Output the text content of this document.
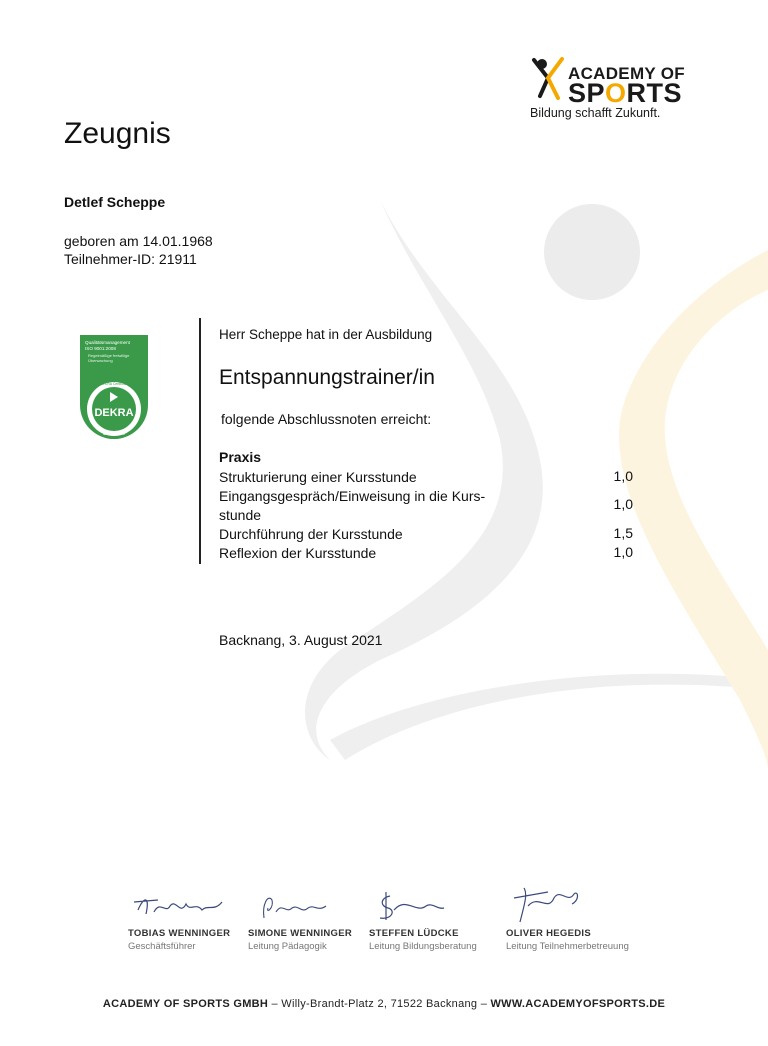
ACADEMY OF
SPORTS
Bildung schafft Zukunft.
Zeugnis
Detlef Scheppe
geboren am 14.01.1968
Teilnehmer-ID: 21911
Qualitätsmanagement
ISO 9001:2008
Regelmäßige freiwillige
Überwachung
DEKRA Certification
DEKRA
zertifiziert
Herr Scheppe hat in der Ausbildung
Entspannungstrainer/in
folgende Abschlussnoten erreicht:
Praxis
Strukturierung einer Kursstunde	1,0
Eingangsgespräch/Einweisung in die Kurs-
stunde
1,0
Durchführung der Kursstunde	1,5
Reflexion der Kursstunde	1,0
Backnang, 3. August 2021
TOBIAS WENNINGER
Geschäftsführer
SIMONE WENNINGER
Leitung Pädagogik
STEFFEN LÜDCKE
Leitung Bildungsberatung
OLIVER HEGEDIS
Leitung Teilnehmerbetreuung
ACADEMY OF SPORTS GMBH – Willy-Brandt-Platz 2, 71522 Backnang – WWW.ACADEMYOFSPORTS.DE
